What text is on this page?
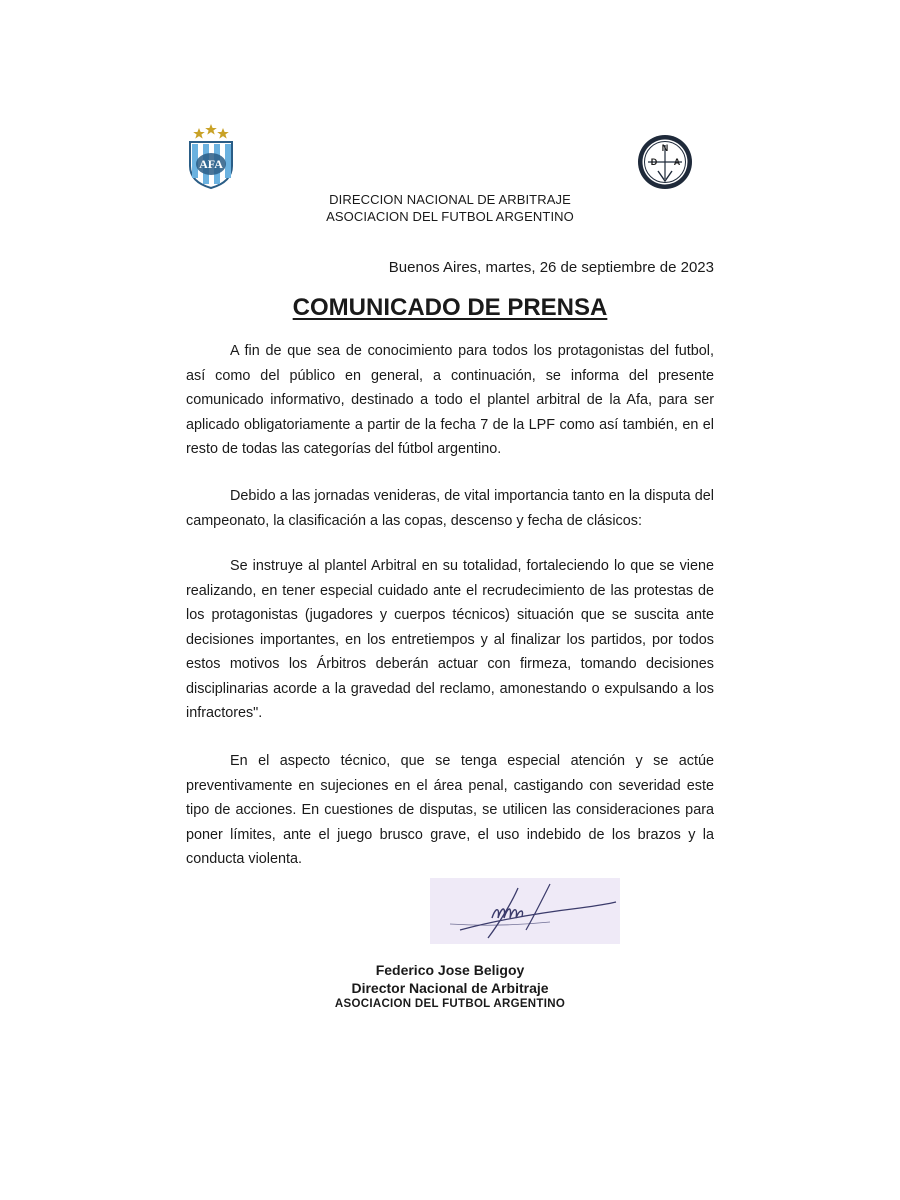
AFA
N
D A
DIRECCION NACIONAL DE ARBITRAJE
ASOCIACION DEL FUTBOL ARGENTINO
Buenos Aires, martes, 26 de septiembre de 2023
COMUNICADO DE PRENSA

A fin de que sea de conocimiento para todos los protagonistas del futbol, así como del público en general, a continuación, se informa del presente comunicado informativo, destinado a todo el plantel arbitral de la Afa, para ser aplicado obligatoriamente a partir de la fecha 7 de la LPF como así también, en el resto de todas las categorías del fútbol argentino.

Debido a las jornadas venideras, de vital importancia tanto en la disputa del campeonato, la clasificación a las copas, descenso y fecha de clásicos:

Se instruye al plantel Arbitral en su totalidad, fortaleciendo lo que se viene realizando, en tener especial cuidado ante el recrudecimiento de las protestas de los protagonistas (jugadores y cuerpos técnicos) situación que se suscita ante decisiones importantes, en los entretiempos y al finalizar los partidos, por todos estos motivos los Árbitros deberán actuar con firmeza, tomando decisiones disciplinarias acorde a la gravedad del reclamo, amonestando o expulsando a los infractores".

En el aspecto técnico, que se tenga especial atención y se actúe preventivamente en sujeciones en el área penal, castigando con severidad este tipo de acciones. En cuestiones de disputas, se utilicen las consideraciones para poner límites, ante el juego brusco grave, el uso indebido de los brazos y la conducta violenta.

Federico Jose Beligoy
Director Nacional de Arbitraje
ASOCIACION DEL FUTBOL ARGENTINO
